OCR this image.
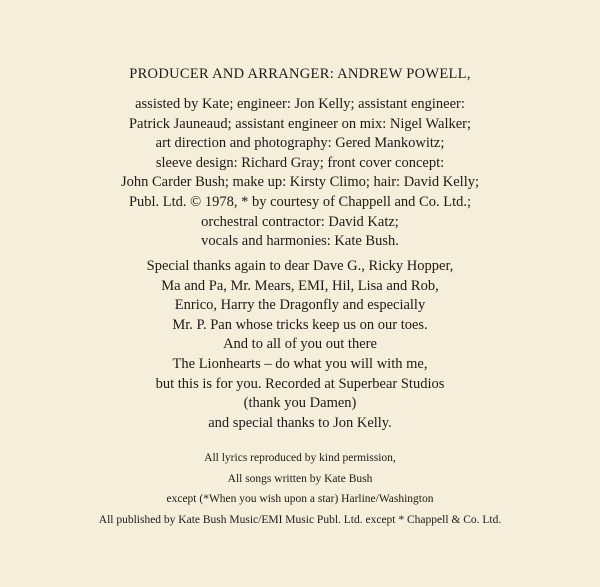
PRODUCER AND ARRANGER: ANDREW POWELL,
assisted by Kate; engineer: Jon Kelly; assistant engineer:
Patrick Jauneaud; assistant engineer on mix: Nigel Walker;
art direction and photography: Gered Mankowitz;
sleeve design: Richard Gray; front cover concept:
John Carder Bush; make up: Kirsty Climo; hair: David Kelly;
Publ. Ltd. © 1978, * by courtesy of Chappell and Co. Ltd.;
orchestral contractor: David Katz;
vocals and harmonies: Kate Bush.
Special thanks again to dear Dave G., Ricky Hopper,
Ma and Pa, Mr. Mears, EMI, Hil, Lisa and Rob,
Enrico, Harry the Dragonfly and especially
Mr. P. Pan whose tricks keep us on our toes.
And to all of you out there
The Lionhearts – do what you will with me,
but this is for you. Recorded at Superbear Studios
(thank you Damen)
and special thanks to Jon Kelly.
All lyrics reproduced by kind permission,
All songs written by Kate Bush
except (*When you wish upon a star) Harline/Washington
All published by Kate Bush Music/EMI Music Publ. Ltd. except * Chappell & Co. Ltd.
